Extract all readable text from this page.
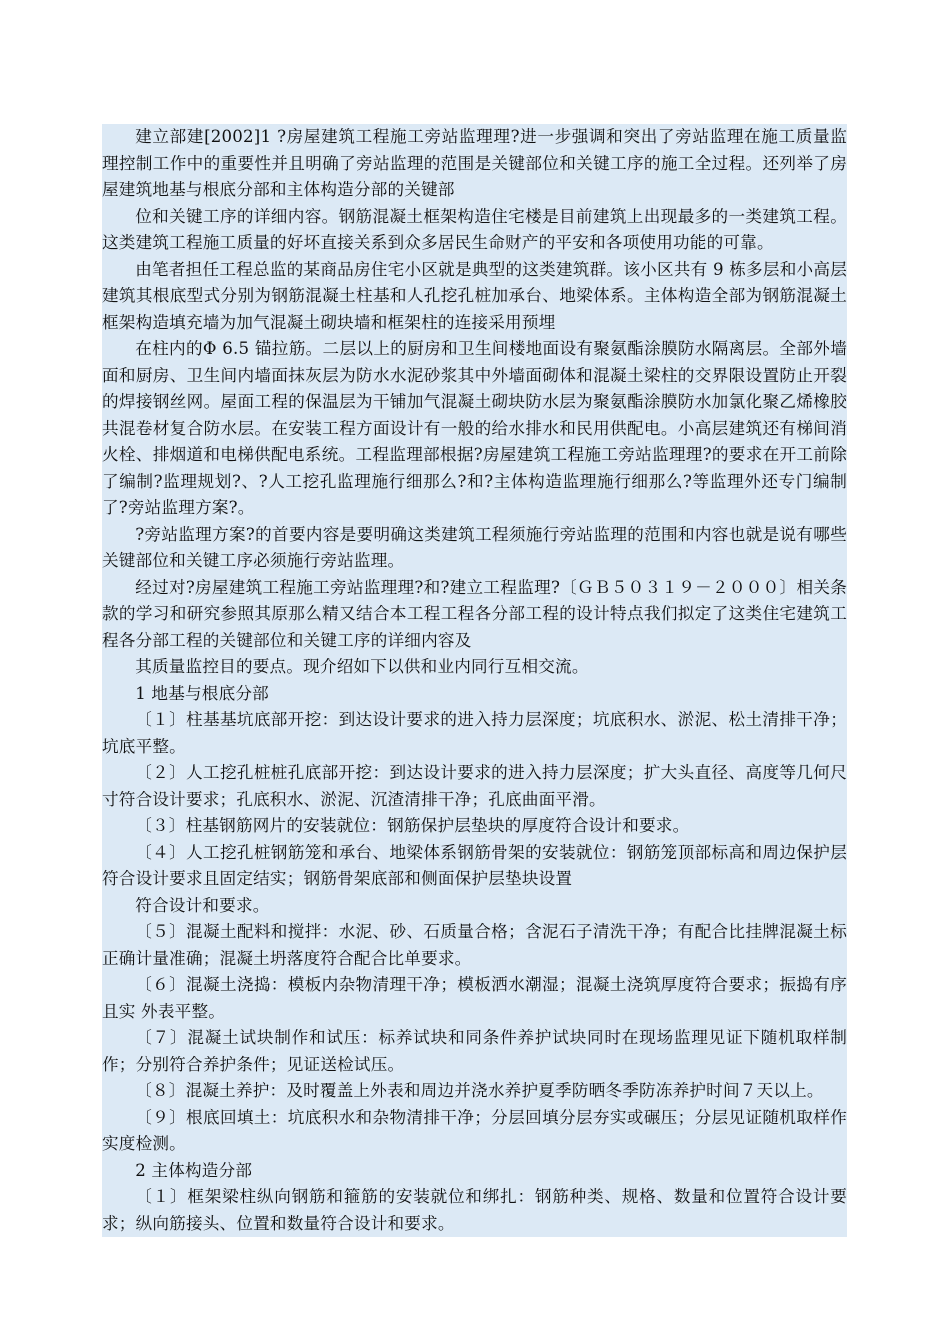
建立部建[2002]1 ?房屋建筑工程施工旁站监理理?进一步强调和突出了旁站监理在施工质量监理控制工作中的重要性并且明确了旁站监理的范围是关键部位和关键工序的施工全过程。还列举了房屋建筑地基与根底分部和主体构造分部的关键部

位和关键工序的详细内容。钢筋混凝土框架构造住宅楼是目前建筑上出现最多的一类建筑工程。这类建筑工程施工质量的好坏直接关系到众多居民生命财产的平安和各项使用功能的可靠。

由笔者担任工程总监的某商品房住宅小区就是典型的这类建筑群。该小区共有 9 栋多层和小高层建筑其根底型式分别为钢筋混凝土柱基和人孔挖孔桩加承台、地梁体系。主体构造全部为钢筋混凝土框架构造填充墙为加气混凝土砌块墙和框架柱的连接采用预埋

在柱内的Φ 6.5 锚拉筋。二层以上的厨房和卫生间楼地面设有聚氨酯涂膜防水隔离层。全部外墙面和厨房、卫生间内墙面抹灰层为防水水泥砂浆其中外墙面砌体和混凝土梁柱的交界限设置防止开裂的焊接钢丝网。屋面工程的保温层为干铺加气混凝土砌块防水层为聚氨酯涂膜防水加氯化聚乙烯橡胶共混卷材复合防水层。在安装工程方面设计有一般的给水排水和民用供配电。小高层建筑还有梯间消火栓、排烟道和电梯供配电系统。工程监理部根据?房屋建筑工程施工旁站监理理?的要求在开工前除了编制?监理规划?、?人工挖孔监理施行细那么?和?主体构造监理施行细那么?等监理外还专门编制了?旁站监理方案?。

?旁站监理方案?的首要内容是要明确这类建筑工程须施行旁站监理的范围和内容也就是说有哪些关键部位和关键工序必须施行旁站监理。

经过对?房屋建筑工程施工旁站监理理?和?建立工程监理?〔ＧＢ５０３１９－２０００〕相关条款的学习和研究参照其原那么精又结合本工程工程各分部工程的设计特点我们拟定了这类住宅建筑工程各分部工程的关键部位和关键工序的详细内容及

其质量监控目的要点。现介绍如下以供和业内同行互相交流。

1 地基与根底分部

〔１〕柱基基坑底部开挖：到达设计要求的进入持力层深度；坑底积水、淤泥、松土清排干净；坑底平整。

〔２〕人工挖孔桩桩孔底部开挖：到达设计要求的进入持力层深度；扩大头直径、高度等几何尺寸符合设计要求；孔底积水、淤泥、沉渣清排干净；孔底曲面平滑。

〔３〕柱基钢筋网片的安装就位：钢筋保护层垫块的厚度符合设计和要求。

〔４〕人工挖孔桩钢筋笼和承台、地梁体系钢筋骨架的安装就位：钢筋笼顶部标高和周边保护层符合设计要求且固定结实；钢筋骨架底部和侧面保护层垫块设置

符合设计和要求。

〔５〕混凝土配料和搅拌：水泥、砂、石质量合格；含泥石子清洗干净；有配合比挂牌混凝土标正确计量准确；混凝土坍落度符合配合比单要求。

〔６〕混凝土浇捣：模板内杂物清理干净；模板洒水潮湿；混凝土浇筑厚度符合要求；振捣有序且实 外表平整。

〔７〕混凝土试块制作和试压：标养试块和同条件养护试块同时在现场监理见证下随机取样制作；分别符合养护条件；见证送检试压。

〔８〕混凝土养护：及时覆盖上外表和周边并浇水养护夏季防晒冬季防冻养护时间７天以上。

〔９〕根底回填土：坑底积水和杂物清排干净；分层回填分层夯实或碾压；分层见证随机取样作实度检测。

2 主体构造分部

〔１〕框架梁柱纵向钢筋和箍筋的安装就位和绑扎：钢筋种类、规格、数量和位置符合设计要求；纵向筋接头、位置和数量符合设计和要求。
